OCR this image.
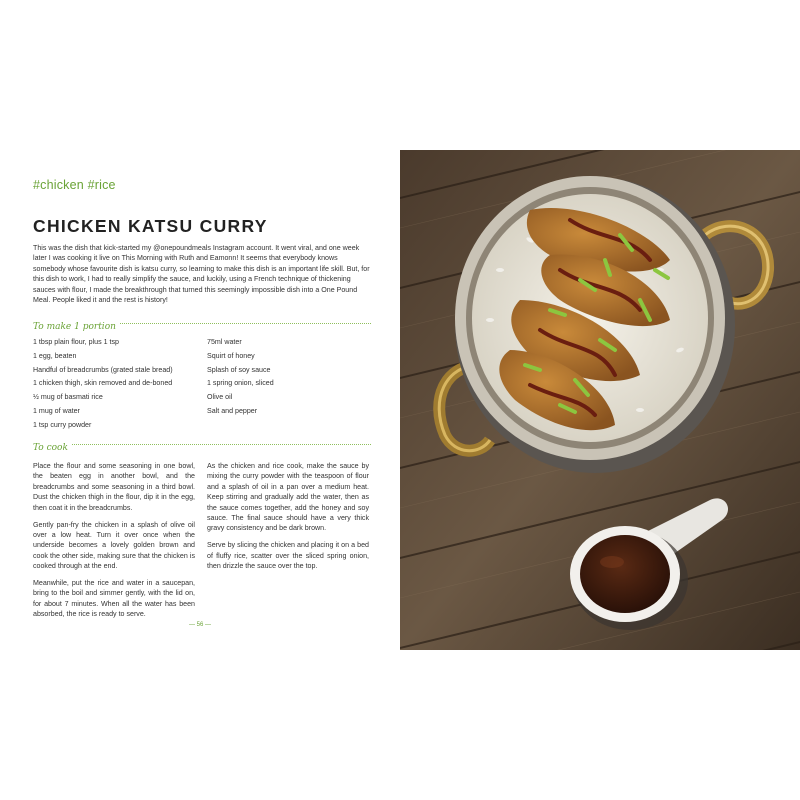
#chicken #rice
CHICKEN KATSU CURRY

This was the dish that kick-started my @onepoundmeals Instagram account. It went viral, and one week later I was cooking it live on This Morning with Ruth and Eamonn! It seems that everybody knows somebody whose favourite dish is katsu curry, so learning to make this dish is an important life skill. But, for this dish to work, I had to really simplify the sauce, and luckily, using a French technique of thickening sauces with flour, I made the breakthrough that turned this seemingly impossible dish into a One Pound Meal. People liked it and the rest is history!

To make 1 portion
1 tbsp plain flour, plus 1 tsp
1 egg, beaten
Handful of breadcrumbs (grated stale bread)
1 chicken thigh, skin removed and de-boned
½ mug of basmati rice
1 mug of water
1 tsp curry powder
75ml water
Squirt of honey
Splash of soy sauce
1 spring onion, sliced
Olive oil
Salt and pepper
To cook

Place the flour and some seasoning in one bowl, the beaten egg in another bowl, and the breadcrumbs and some seasoning in a third bowl. Dust the chicken thigh in the flour, dip it in the egg, then coat it in the breadcrumbs.

Gently pan-fry the chicken in a splash of olive oil over a low heat. Turn it over once when the underside becomes a lovely golden brown and cook the other side, making sure that the chicken is cooked through at the end.

Meanwhile, put the rice and water in a saucepan, bring to the boil and simmer gently, with the lid on, for about 7 minutes. When all the water has been absorbed, the rice is ready to serve.

As the chicken and rice cook, make the sauce by mixing the curry powder with the teaspoon of flour and a splash of oil in a pan over a medium heat. Keep stirring and gradually add the water, then as the sauce comes together, add the honey and soy sauce. The final sauce should have a very thick gravy consistency and be dark brown.

Serve by slicing the chicken and placing it on a bed of fluffy rice, scatter over the sliced spring onion, then drizzle the sauce over the top.

— 56 —
